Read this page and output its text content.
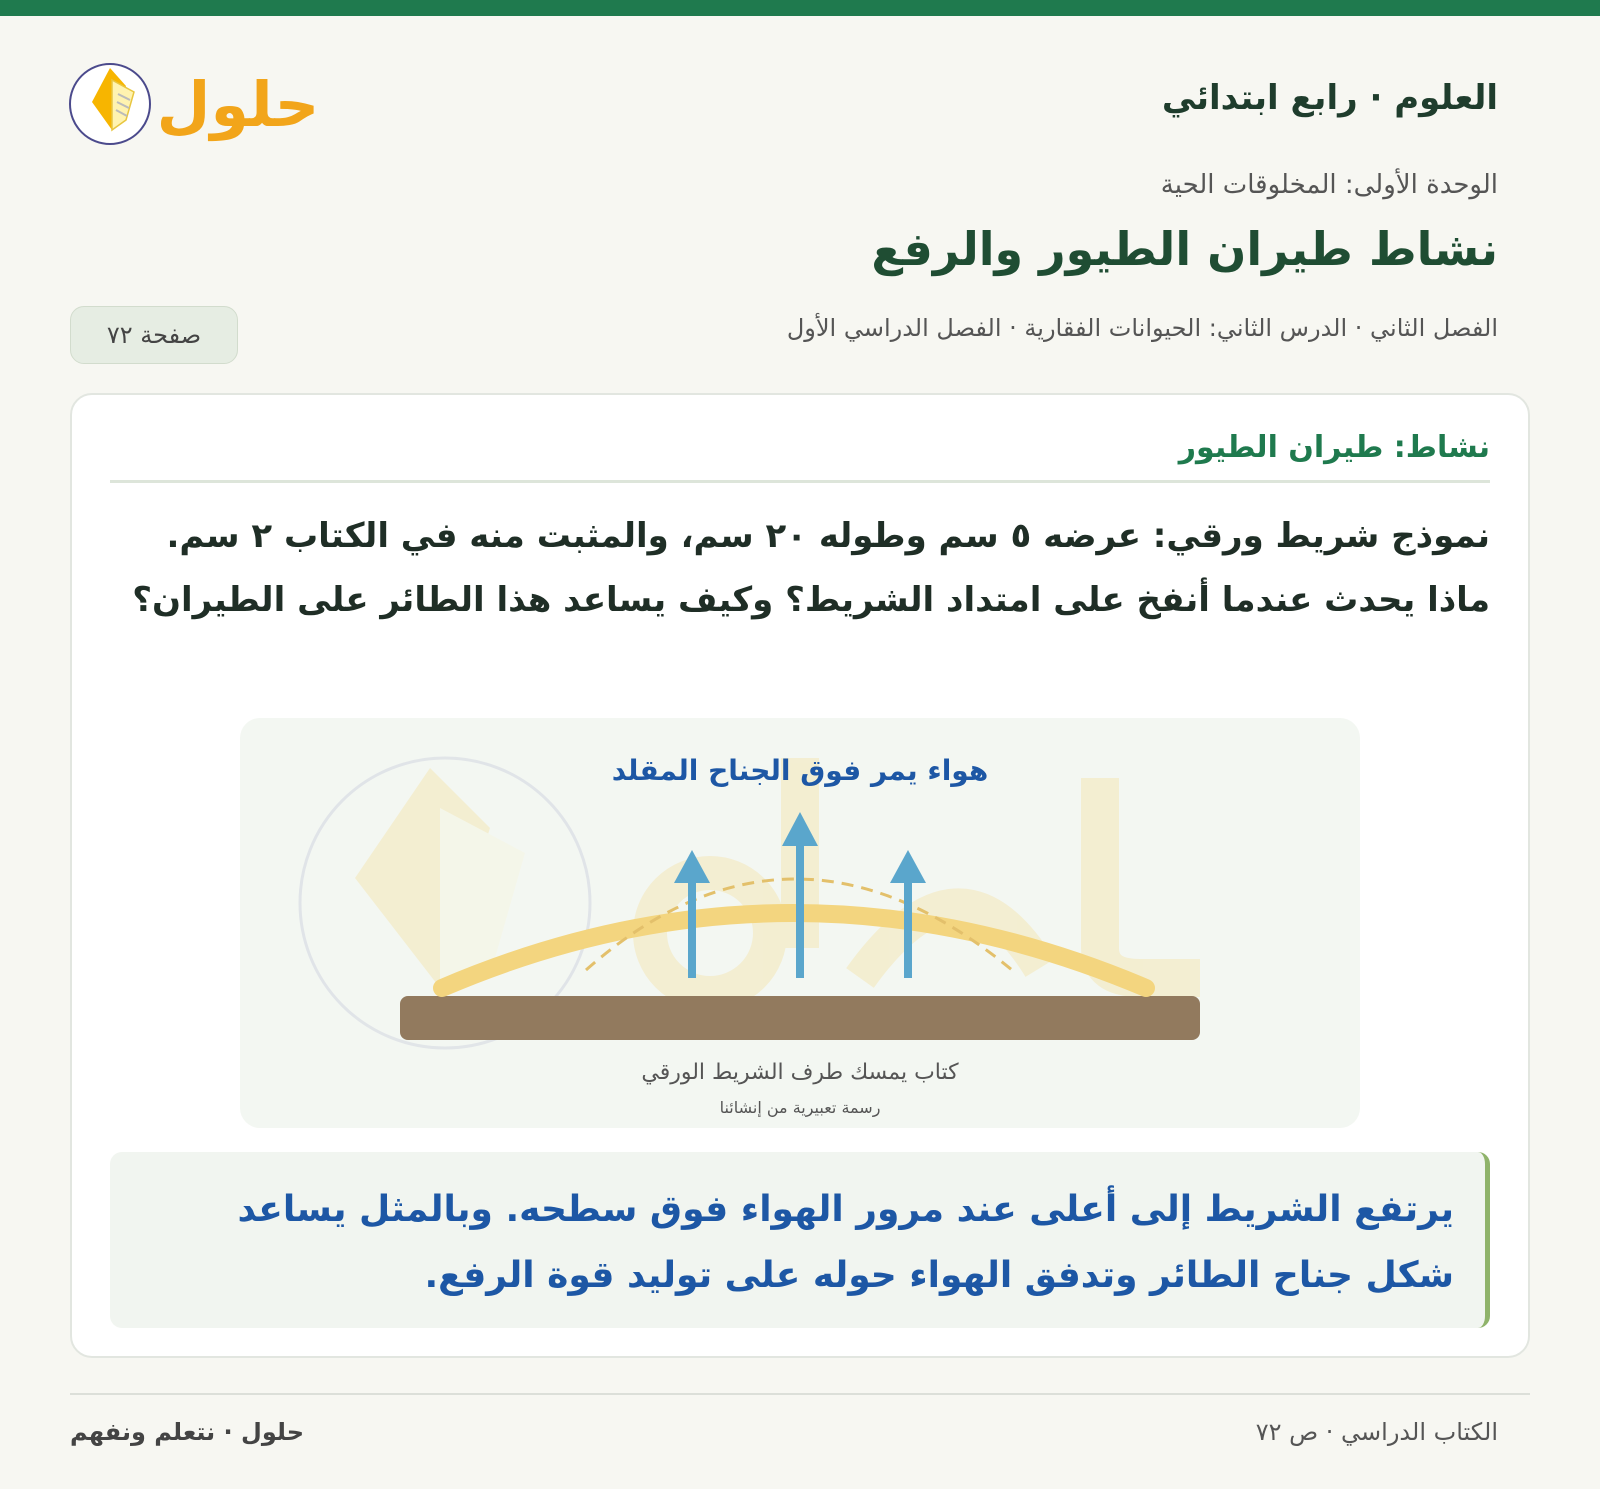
العلوم · رابع ابتدائي
حلول
الوحدة الأولى: المخلوقات الحية
نشاط طيران الطيور والرفع
الفصل الثاني · الدرس الثاني: الحيوانات الفقارية · الفصل الدراسي الأول
صفحة ٧٢
نشاط: طيران الطيور
نموذج شريط ورقي: عرضه ٥ سم وطوله ٢٠ سم، والمثبت منه في الكتاب ٢ سم. ماذا يحدث عندما أنفخ على امتداد الشريط؟ وكيف يساعد هذا الطائر على الطيران؟
هواء يمر فوق الجناح المقلد
كتاب يمسك طرف الشريط الورقي
رسمة تعبيرية من إنشائنا
يرتفع الشريط إلى أعلى عند مرور الهواء فوق سطحه. وبالمثل يساعد شكل جناح الطائر وتدفق الهواء حوله على توليد قوة الرفع.
الكتاب الدراسي · ص ٧٢
حلول · نتعلم ونفهم
